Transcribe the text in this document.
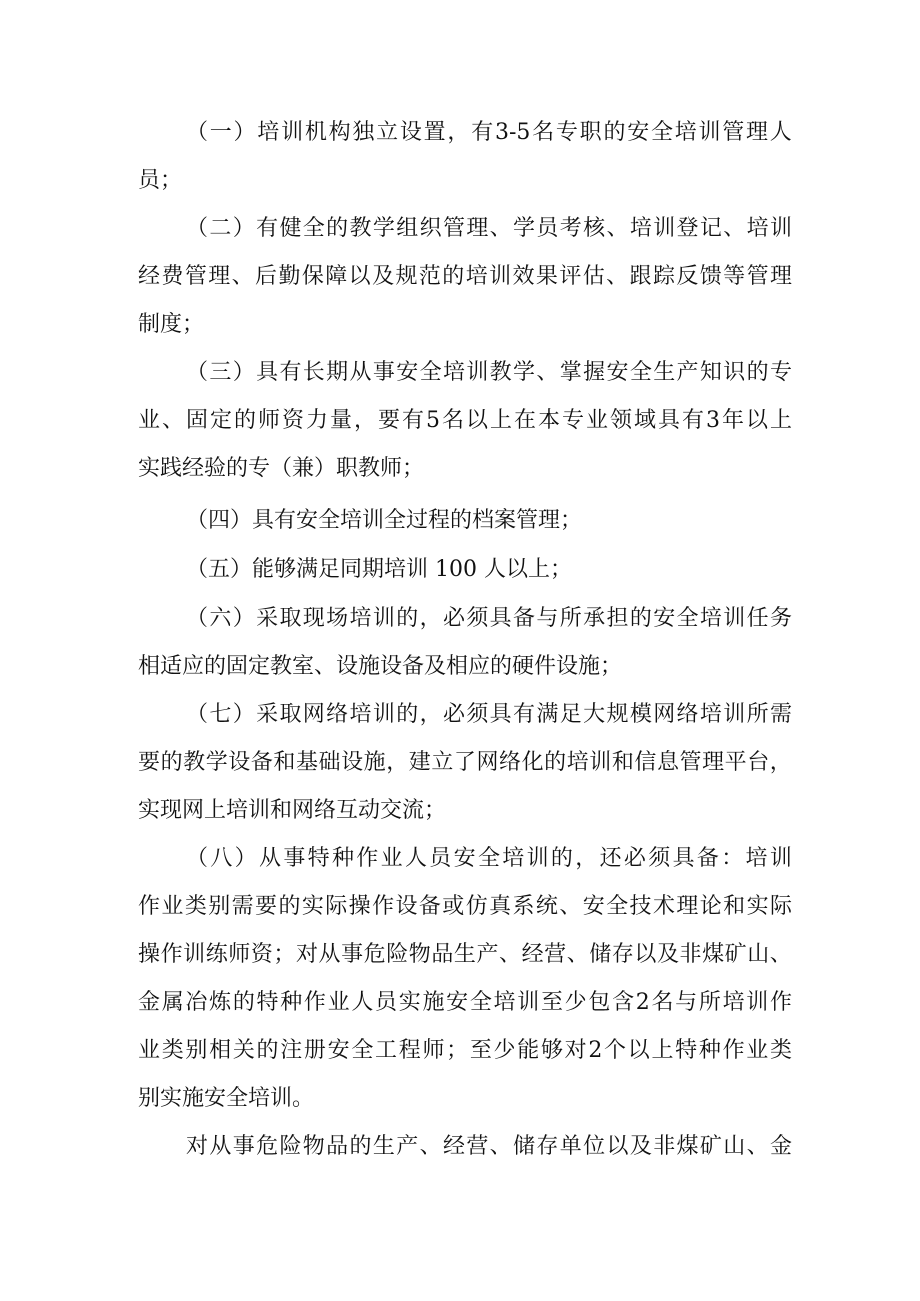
（ 一 ） 培 训 机 构 独 立 设 置 ， 有 3-5 名 专 职 的 安 全 培 训 管 理 人
员；
（ 二 ） 有 健 全 的 教 学 组 织 管 理 、 学 员 考 核 、 培 训 登 记 、 培 训
经 费 管 理 、 后 勤 保 障 以 及 规 范 的 培 训 效 果 评 估 、 跟 踪 反 馈 等 管 理
制度；
（ 三 ） 具 有 长 期 从 事 安 全 培 训 教 学 、 掌 握 安 全 生 产 知 识 的 专
业 、 固 定 的 师 资 力 量 ， 要 有 5 名 以 上 在 本 专 业 领 域 具 有 3 年 以 上
实践经验的专（兼）职教师；
（四）具有安全培训全过程的档案管理；
（五）能够满足同期培训 100 人以上；
（ 六 ） 采 取 现 场 培 训 的 ， 必 须 具 备 与 所 承 担 的 安 全 培 训 任 务
相适应的固定教室、设施设备及相应的硬件设施；
（ 七 ） 采 取 网 络 培 训 的 ， 必 须 具 有 满 足 大 规 模 网 络 培 训 所 需
要 的 教 学 设 备 和 基 础 设 施 ， 建 立 了 网 络 化 的 培 训 和 信 息 管 理 平 台 ，
实现网上培训和网络互动交流；
（ 八 ） 从 事 特 种 作 业 人 员 安 全 培 训 的 ， 还 必 须 具 备 ： 培 训
作 业 类 别 需 要 的 实 际 操 作 设 备 或 仿 真 系 统 、 安 全 技 术 理 论 和 实 际
操 作 训 练 师 资 ； 对 从 事 危 险 物 品 生 产 、 经 营 、 储 存 以 及 非 煤 矿 山 、
金 属 冶 炼 的 特 种 作 业 人 员 实 施 安 全 培 训 至 少 包 含 2 名 与 所 培 训 作
业 类 别 相 关 的 注 册 安 全 工 程 师 ； 至 少 能 够 对 2 个 以 上 特 种 作 业 类
别实施安全培训。
对 从 事 危 险 物 品 的 生 产 、 经 营 、 储 存 单 位 以 及 非 煤 矿 山 、 金
